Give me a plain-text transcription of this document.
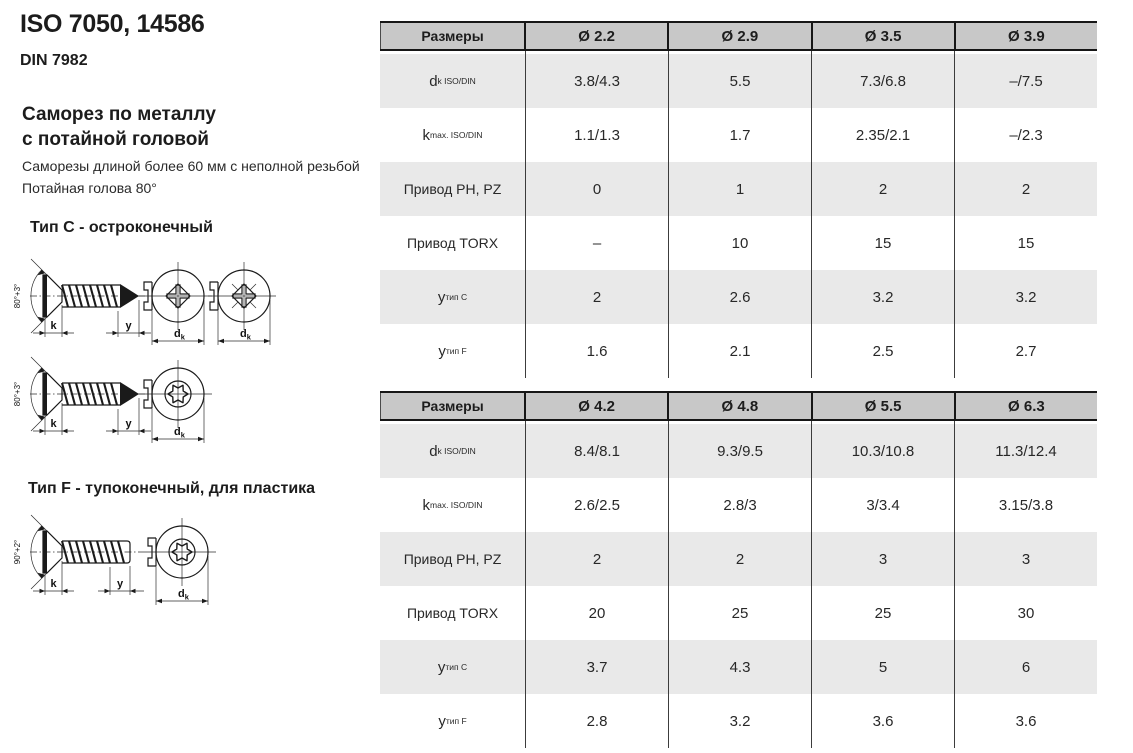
ISO 7050, 14586
DIN 7982
Саморез по металлу
с потайной головой
Саморезы длиной более 60 мм с неполной резьбой
Потайная голова 80°
Тип C - остроконечный
Тип F - тупоконечный, для пластика
k	y
80°+3°
$d_k$	$d_k$
k	y
80°+3°
$d_k$
k	y
90°+2°
$d_k$
Размеры	Ø 2.2	Ø 2.9	Ø 3.5	Ø 3.9
d k ISO/DIN	3.8/4.3	5.5	7.3/6.8	–/7.5
k max. ISO/DIN	1.1/1.3	1.7	2.35/2.1	–/2.3
Привод PH, PZ	0	1	2	2
Привод TORX	–	10	15	15
y тип C	2	2.6	3.2	3.2
y тип F	1.6	2.1	2.5	2.7
Размеры	Ø 4.2	Ø 4.8	Ø 5.5	Ø 6.3
d k ISO/DIN	8.4/8.1	9.3/9.5	10.3/10.8	11.3/12.4
k max. ISO/DIN	2.6/2.5	2.8/3	3/3.4	3.15/3.8
Привод PH, PZ	2	2	3	3
Привод TORX	20	25	25	30
y тип C	3.7	4.3	5	6
y тип F	2.8	3.2	3.6	3.6
